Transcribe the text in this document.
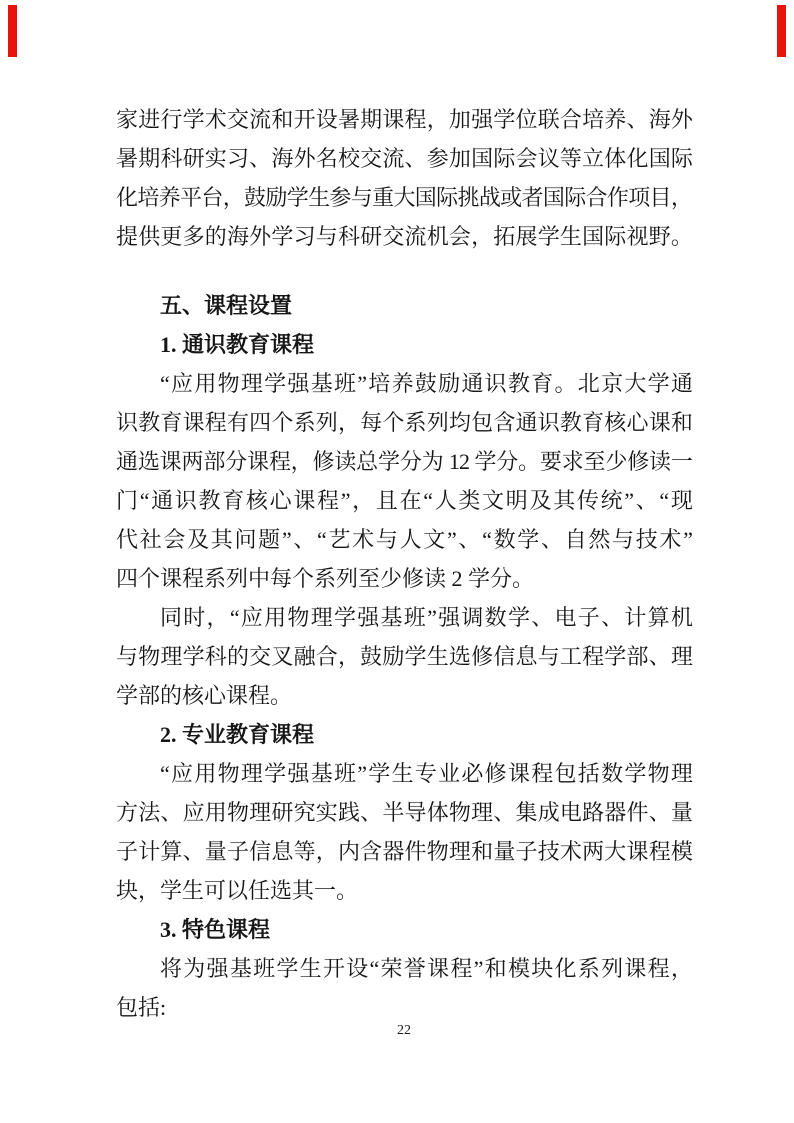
家进行学术交流和开设暑期课程，加强学位联合培养、海外
暑期科研实习、海外名校交流、参加国际会议等立体化国际
化培养平台，鼓励学生参与重大国际挑战或者国际合作项目，
提供更多的海外学习与科研交流机会，拓展学生国际视野。
五、课程设置
1. 通识教育课程
“应用物理学强基班”培养鼓励通识教育。北京大学通
识教育课程有四个系列，每个系列均包含通识教育核心课和
通选课两部分课程，修读总学分为 12 学分。要求至少修读一
门“通识教育核心课程”，且在“人类文明及其传统”、“现
代社会及其问题”、“艺术与人文”、“数学、自然与技术”
四个课程系列中每个系列至少修读 2 学分。
同时，“应用物理学强基班”强调数学、电子、计算机
与物理学科的交叉融合，鼓励学生选修信息与工程学部、理
学部的核心课程。
2. 专业教育课程
“应用物理学强基班”学生专业必修课程包括数学物理
方法、应用物理研究实践、半导体物理、集成电路器件、量
子计算、量子信息等，内含器件物理和量子技术两大课程模
块，学生可以任选其一。
3. 特色课程
将为强基班学生开设“荣誉课程”和模块化系列课程，
包括:
22
